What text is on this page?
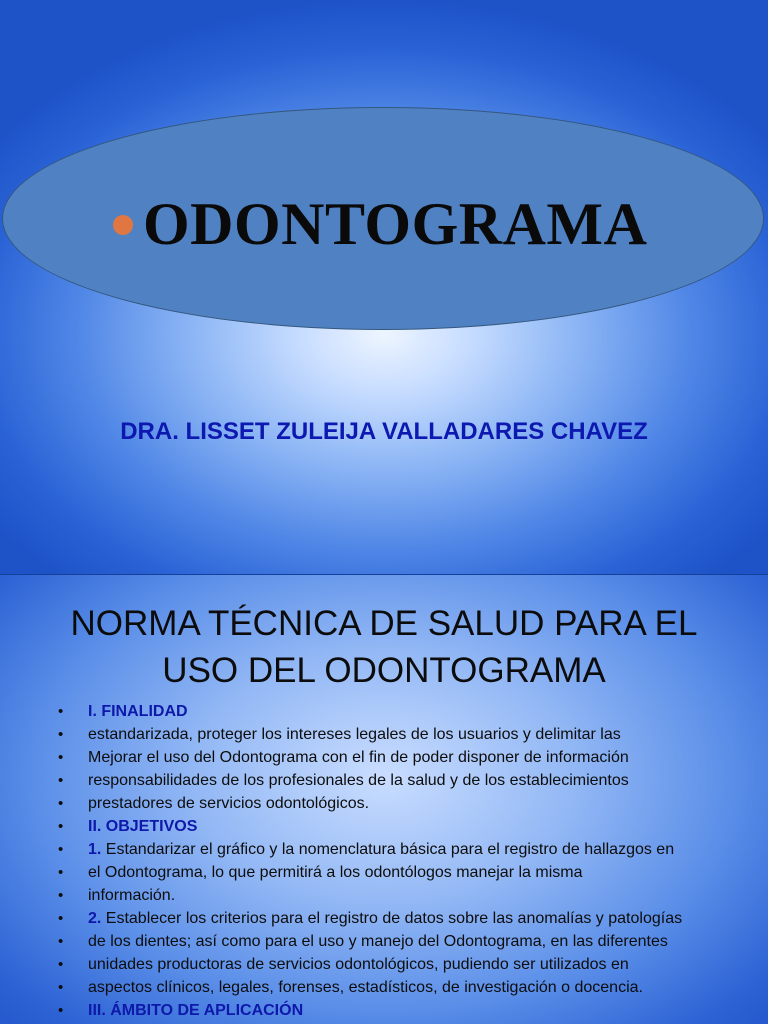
ODONTOGRAMA
DRA. LISSET ZULEIJA VALLADARES CHAVEZ
NORMA TÉCNICA DE SALUD PARA EL
USO DEL ODONTOGRAMA
• I. FINALIDAD
• estandarizada, proteger los intereses legales de los usuarios y delimitar las
• Mejorar el uso del Odontograma con el fin de poder disponer de información
• responsabilidades de los profesionales de la salud y de los establecimientos
• prestadores de servicios odontológicos.
• II. OBJETIVOS
• 1. Estandarizar el gráfico y la nomenclatura básica para el registro de hallazgos en
• el Odontograma, lo que permitirá a los odontólogos manejar la misma
• información.
• 2. Establecer los criterios para el registro de datos sobre las anomalías y patologías
• de los dientes; así como para el uso y manejo del Odontograma, en las diferentes
• unidades productoras de servicios odontológicos, pudiendo ser utilizados en
• aspectos clínicos, legales, forenses, estadísticos, de investigación o docencia.
• III. ÁMBITO DE APLICACIÓN
